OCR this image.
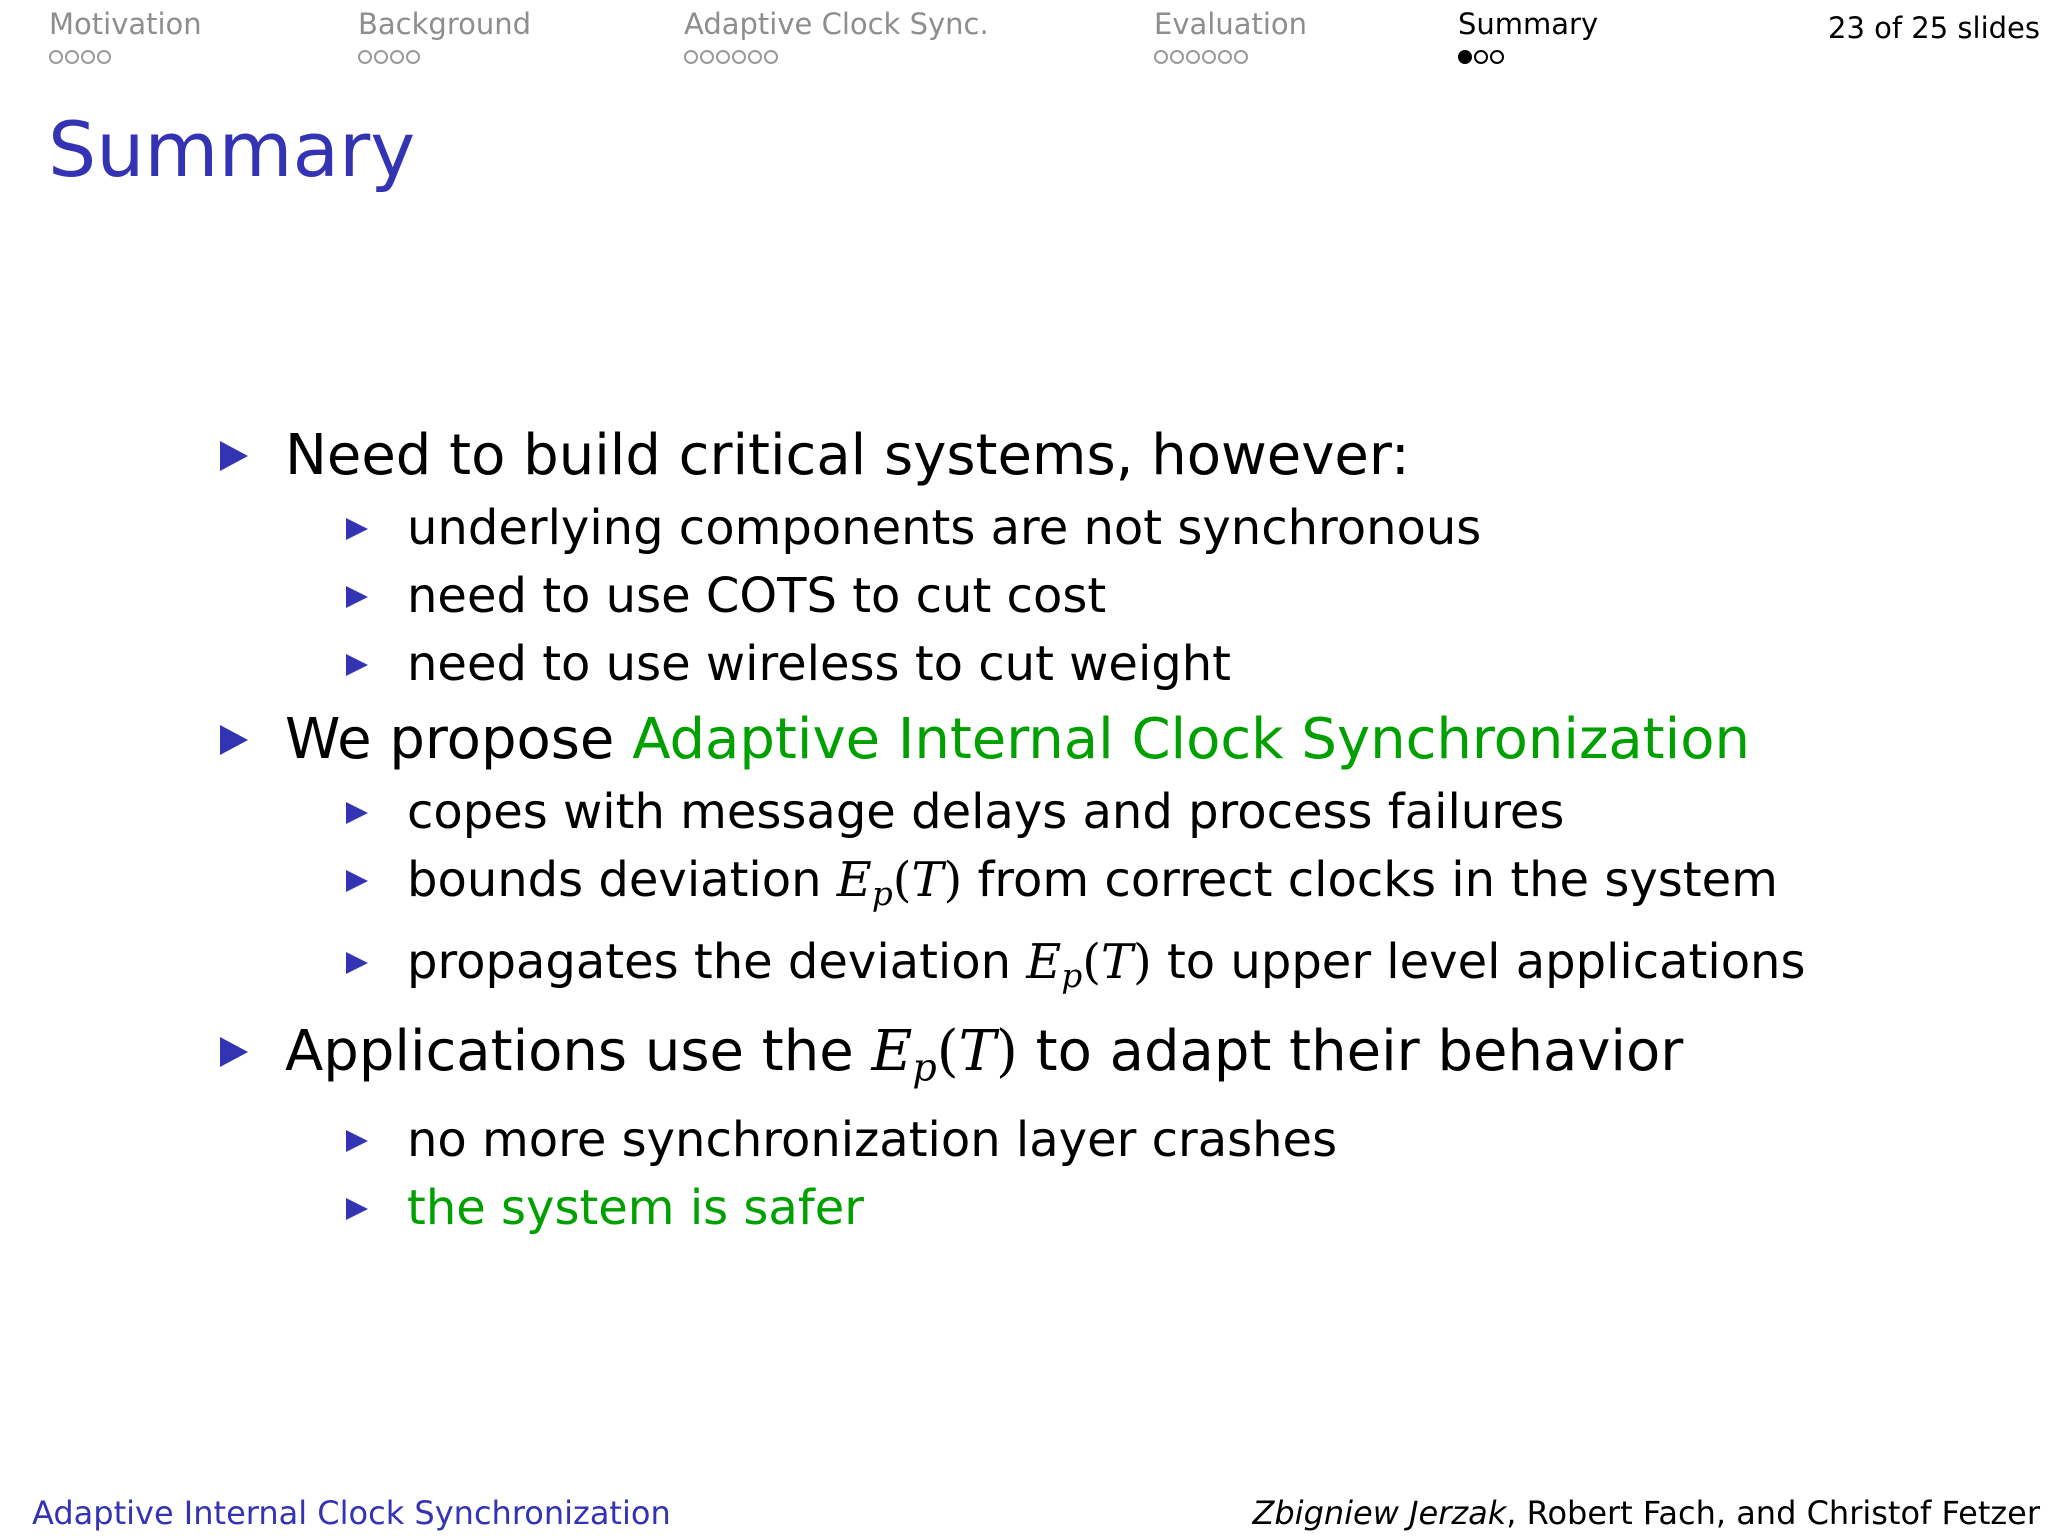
Motivation	Background	Adaptive Clock Sync.	Evaluation	Summary	23 of 25 slides
Summary
Need to build critical systems, however:
underlying components are not synchronous
need to use COTS to cut cost
need to use wireless to cut weight
We propose Adaptive Internal Clock Synchronization
copes with message delays and process failures
bounds deviation $E_p(T)$ from correct clocks in the system
propagates the deviation $E_p(T)$ to upper level applications
Applications use the $E_p(T)$ to adapt their behavior
no more synchronization layer crashes
the system is safer
Adaptive Internal Clock Synchronization	Zbigniew Jerzak, Robert Fach, and Christof Fetzer
